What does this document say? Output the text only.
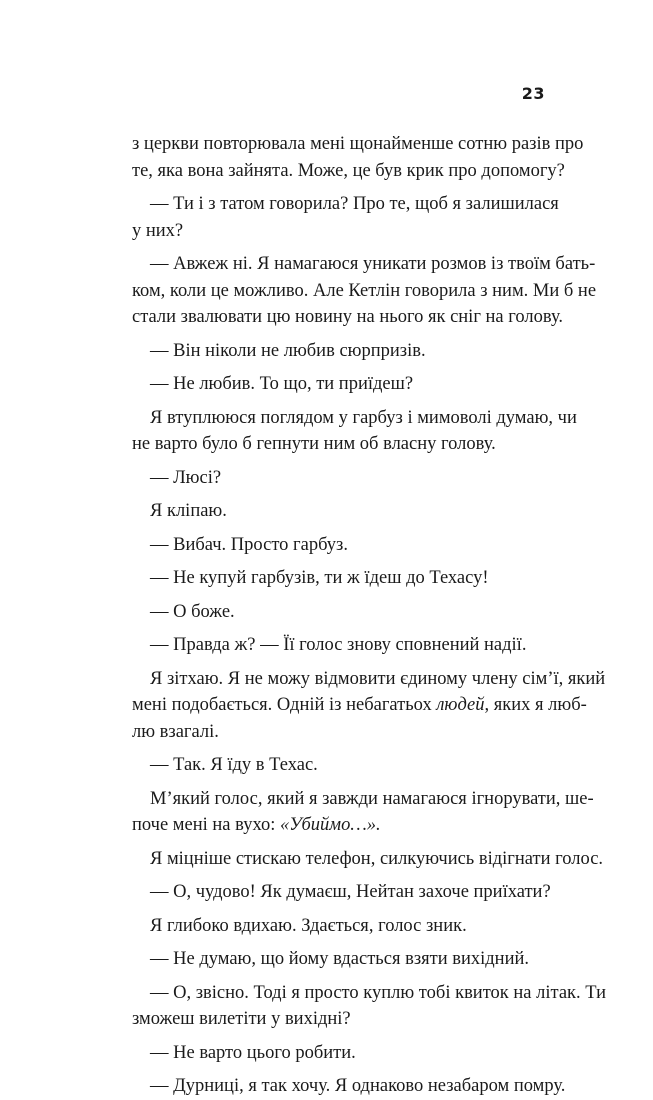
23
з церкви повторювала мені щонайменше сотню разів про
те, яка вона зайнята. Може, це був крик про допомогу?
— Ти і з татом говорила? Про те, щоб я залишилася
у них?
— Авжеж ні. Я намагаюся уникати розмов із твоїм бать-
ком, коли це можливо. Але Кетлін говорила з ним. Ми б не
стали звалювати цю новину на нього як сніг на голову.
— Він ніколи не любив сюрпризів.
— Не любив. То що, ти приїдеш?
Я втуплююся поглядом у гарбуз і мимоволі думаю, чи
не варто було б гепнути ним об власну голову.
— Люсі?
Я кліпаю.
— Вибач. Просто гарбуз.
— Не купуй гарбузів, ти ж їдеш до Техасу!
— О боже.
— Правда ж? — Її голос знову сповнений надії.
Я зітхаю. Я не можу відмовити єдиному члену сім’ї, який
мені подобається. Одній із небагатьох людей, яких я люб-
лю взагалі.
— Так. Я їду в Техас.
М’який голос, який я завжди намагаюся ігнорувати, ше-
поче мені на вухо: «Убиймо…».
Я міцніше стискаю телефон, силкуючись відігнати голос.
— О, чудово! Як думаєш, Нейтан захоче приїхати?
Я глибоко вдихаю. Здається, голос зник.
— Не думаю, що йому вдасться взяти вихідний.
— О, звісно. Тоді я просто куплю тобі квиток на літак. Ти
зможеш вилетіти у вихідні?
— Не варто цього робити.
— Дурниці, я так хочу. Я однаково незабаром помру.
